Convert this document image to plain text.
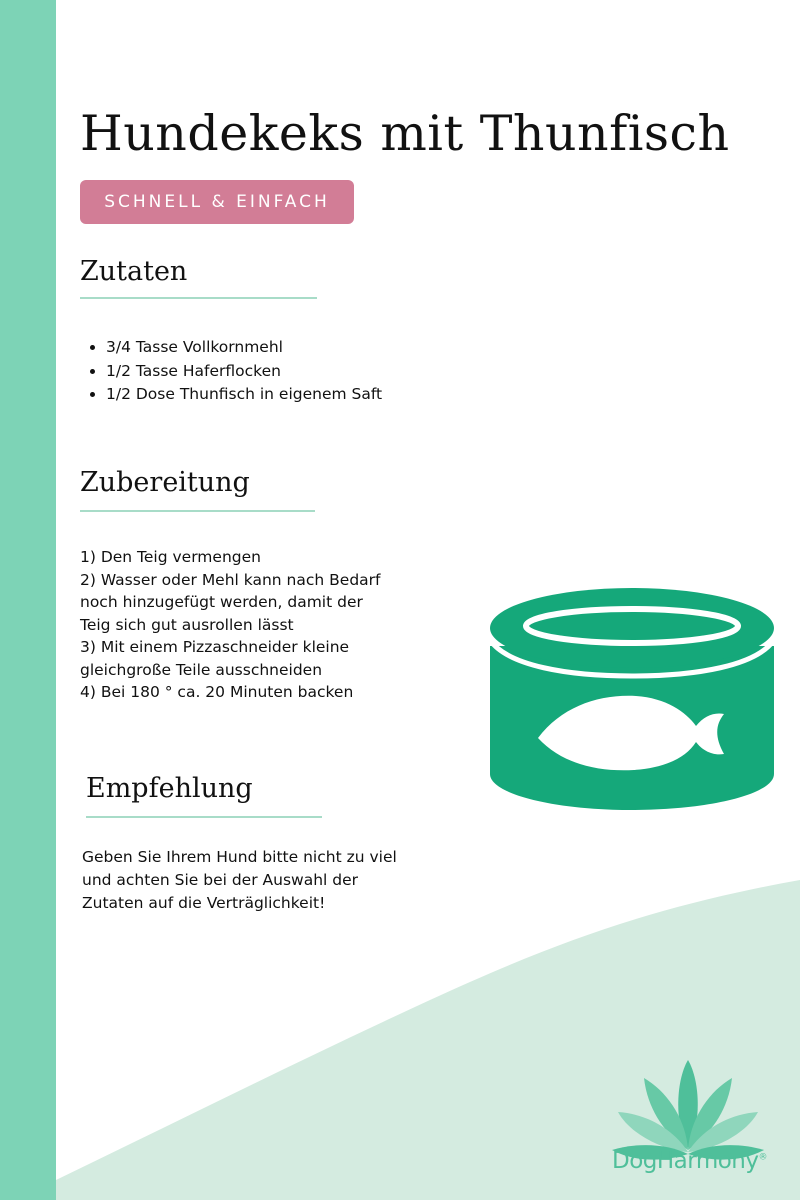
Hundekeks mit Thunfisch
SCHNELL & EINFACH
Zutaten
• 3/4 Tasse Vollkornmehl
• 1/2 Tasse Haferflocken
• 1/2 Dose Thunfisch in eigenem Saft
Zubereitung
1) Den Teig vermengen
2) Wasser oder Mehl kann nach Bedarf
noch hinzugefügt werden, damit der
Teig sich gut ausrollen lässt
3) Mit einem Pizzaschneider kleine
gleichgroße Teile ausschneiden
4) Bei 180 ° ca. 20 Minuten backen
Empfehlung
Geben Sie Ihrem Hund bitte nicht zu viel
und achten Sie bei der Auswahl der
Zutaten auf die Verträglichkeit!
DogHarmony®
